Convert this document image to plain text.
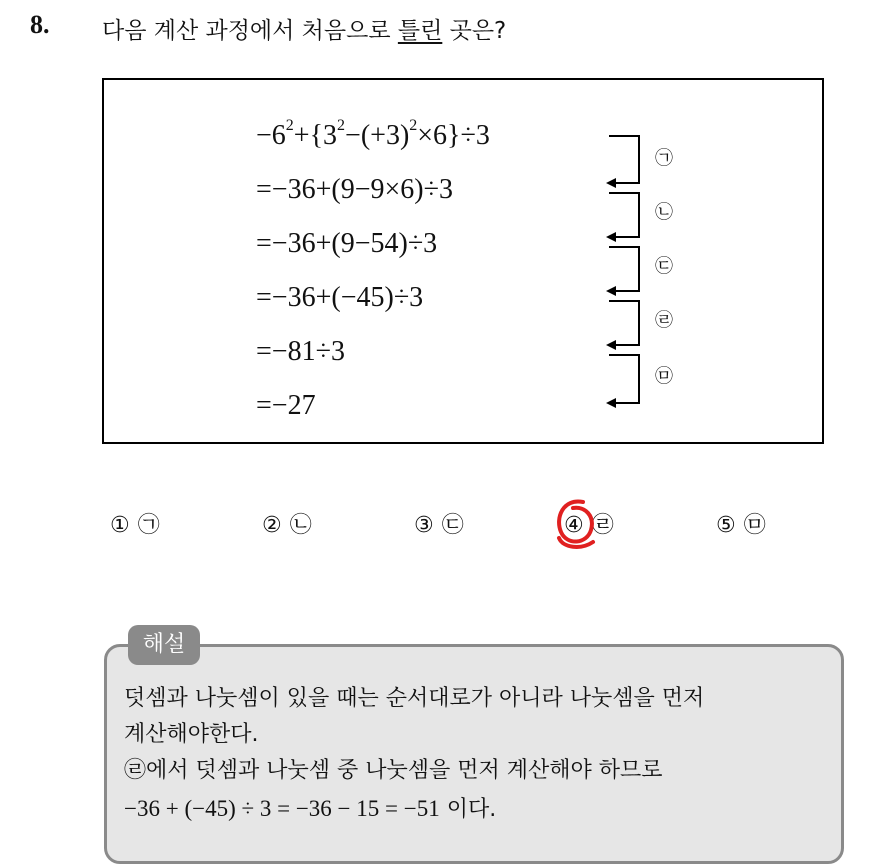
8. 다음 계산 과정에서 처음으로 틀린 곳은?
$-6^2+\{3^2-(+3)^2\times 6\}\div 3$
=−36+(9−9×6)÷3
=−36+(9−54)÷3
=−36+(−45)÷3
=−81÷3
=−27
㉠
㉡
㉢
㉣
㉤
① ㉠	② ㉡	③ ㉢	④ ㉣	⑤ ㉤
해설
덧셈과 나눗셈이 있을 때는 순서대로가 아니라 나눗셈을 먼저
계산해야한다.
㉣에서 덧셈과 나눗셈 중 나눗셈을 먼저 계산해야 하므로
−36 + (−45) ÷ 3 = −36 − 15 = −51 이다.
